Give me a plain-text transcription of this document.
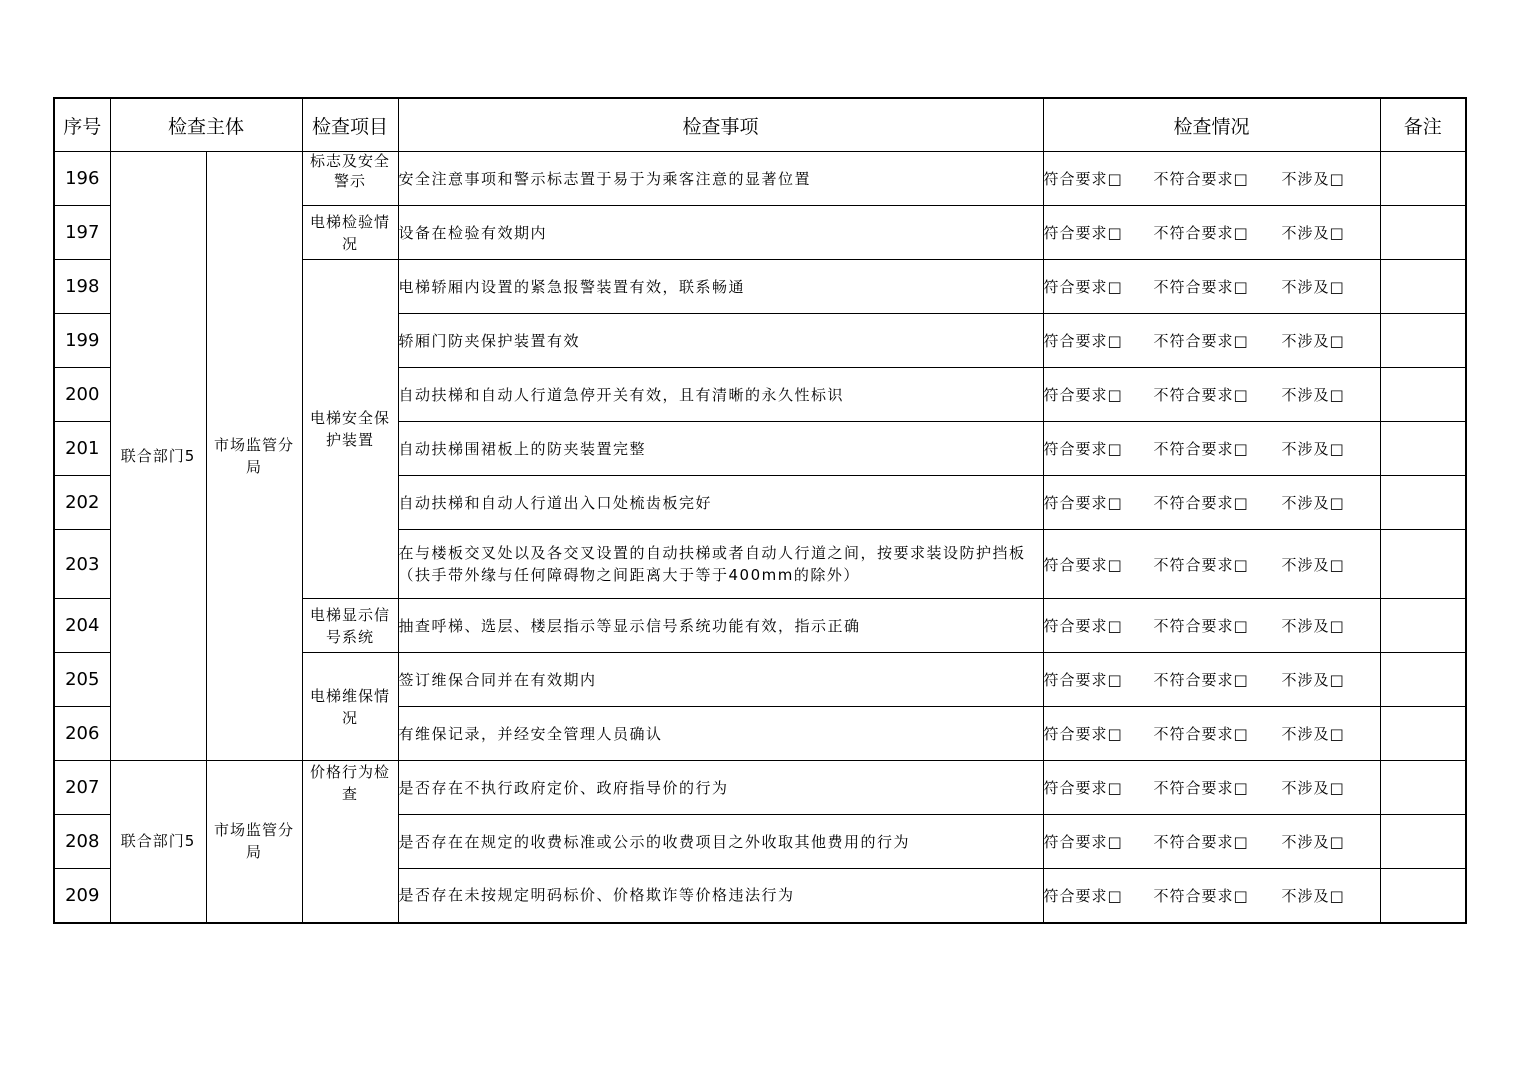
序号	检查主体		检查项目	检查事项	检查情况	备注
196	联合部门5	市场监管分局	标志及安全警示	安全注意事项和警示标志置于易于为乘客注意的显著位置	符合要求□ 不符合要求□ 不涉及□	
197			电梯检验情况	设备在检验有效期内	符合要求□ 不符合要求□ 不涉及□	
198			电梯安全保护装置	电梯轿厢内设置的紧急报警装置有效，联系畅通	符合要求□ 不符合要求□ 不涉及□	
199				轿厢门防夹保护装置有效	符合要求□ 不符合要求□ 不涉及□	
200				自动扶梯和自动人行道急停开关有效，且有清晰的永久性标识	符合要求□ 不符合要求□ 不涉及□	
201				自动扶梯围裙板上的防夹装置完整	符合要求□ 不符合要求□ 不涉及□	
202				自动扶梯和自动人行道出入口处梳齿板完好	符合要求□ 不符合要求□ 不涉及□	
203				在与楼板交叉处以及各交叉设置的自动扶梯或者自动人行道之间，按要求装设防护挡板（扶手带外缘与任何障碍物之间距离大于等于400mm的除外）	符合要求□ 不符合要求□ 不涉及□	
204			电梯显示信号系统	抽查呼梯、选层、楼层指示等显示信号系统功能有效，指示正确	符合要求□ 不符合要求□ 不涉及□	
205			电梯维保情况	签订维保合同并在有效期内	符合要求□ 不符合要求□ 不涉及□	
206				有维保记录，并经安全管理人员确认	符合要求□ 不符合要求□ 不涉及□	
207	联合部门5	市场监管分局	价格行为检查	是否存在不执行政府定价、政府指导价的行为	符合要求□ 不符合要求□ 不涉及□	
208				是否存在在规定的收费标准或公示的收费项目之外收取其他费用的行为	符合要求□ 不符合要求□ 不涉及□	
209				是否存在未按规定明码标价、价格欺诈等价格违法行为	符合要求□ 不符合要求□ 不涉及□	
